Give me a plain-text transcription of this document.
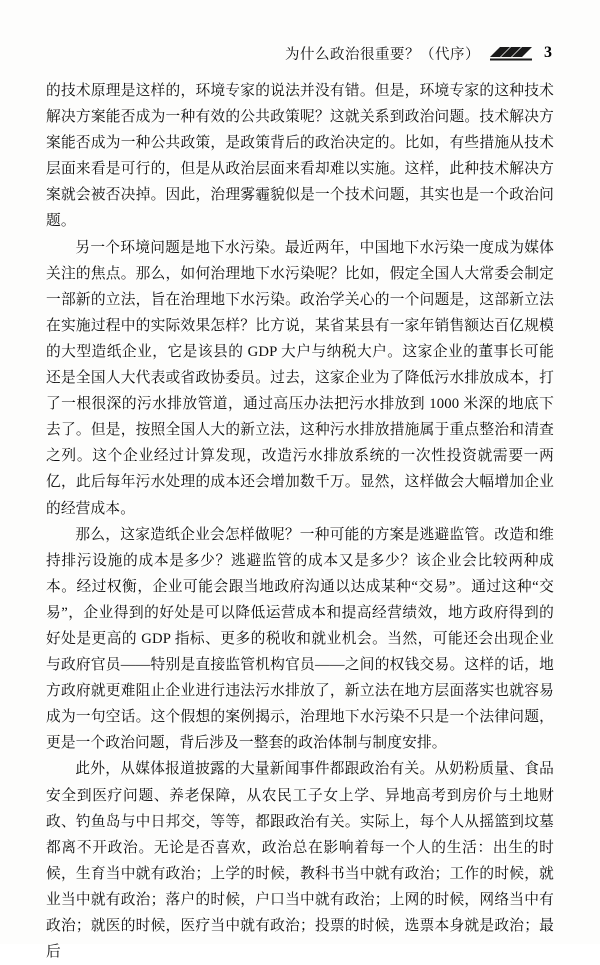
为什么政治很重要？（代序）	3

的技术原理是这样的，环境专家的说法并没有错。但是，环境专家的这种技术解决方案能否成为一种有效的公共政策呢？这就关系到政治问题。技术解决方案能否成为一种公共政策，是政策背后的政治决定的。比如，有些措施从技术层面来看是可行的，但是从政治层面来看却难以实施。这样，此种技术解决方案就会被否决掉。因此，治理雾霾貌似是一个技术问题，其实也是一个政治问题。

另一个环境问题是地下水污染。最近两年，中国地下水污染一度成为媒体关注的焦点。那么，如何治理地下水污染呢？比如，假定全国人大常委会制定一部新的立法，旨在治理地下水污染。政治学关心的一个问题是，这部新立法在实施过程中的实际效果怎样？比方说，某省某县有一家年销售额达百亿规模的大型造纸企业，它是该县的 GDP 大户与纳税大户。这家企业的董事长可能还是全国人大代表或省政协委员。过去，这家企业为了降低污水排放成本，打了一根很深的污水排放管道，通过高压办法把污水排放到 1000 米深的地底下去了。但是，按照全国人大的新立法，这种污水排放措施属于重点整治和清查之列。这个企业经过计算发现，改造污水排放系统的一次性投资就需要一两亿，此后每年污水处理的成本还会增加数千万。显然，这样做会大幅增加企业的经营成本。

那么，这家造纸企业会怎样做呢？一种可能的方案是逃避监管。改造和维持排污设施的成本是多少？逃避监管的成本又是多少？该企业会比较两种成本。经过权衡，企业可能会跟当地政府沟通以达成某种“交易”。通过这种“交易”，企业得到的好处是可以降低运营成本和提高经营绩效，地方政府得到的好处是更高的 GDP 指标、更多的税收和就业机会。当然，可能还会出现企业与政府官员——特别是直接监管机构官员——之间的权钱交易。这样的话，地方政府就更难阻止企业进行违法污水排放了，新立法在地方层面落实也就容易成为一句空话。这个假想的案例揭示，治理地下水污染不只是一个法律问题，更是一个政治问题，背后涉及一整套的政治体制与制度安排。

此外，从媒体报道披露的大量新闻事件都跟政治有关。从奶粉质量、食品安全到医疗问题、养老保障，从农民工子女上学、异地高考到房价与土地财政、钓鱼岛与中日邦交，等等，都跟政治有关。实际上，每个人从摇篮到坟墓都离不开政治。无论是否喜欢，政治总在影响着每一个人的生活：出生的时候，生育当中就有政治；上学的时候，教科书当中就有政治；工作的时候，就业当中就有政治；落户的时候，户口当中就有政治；上网的时候，网络当中有政治；就医的时候，医疗当中就有政治；投票的时候，选票本身就是政治；最后
